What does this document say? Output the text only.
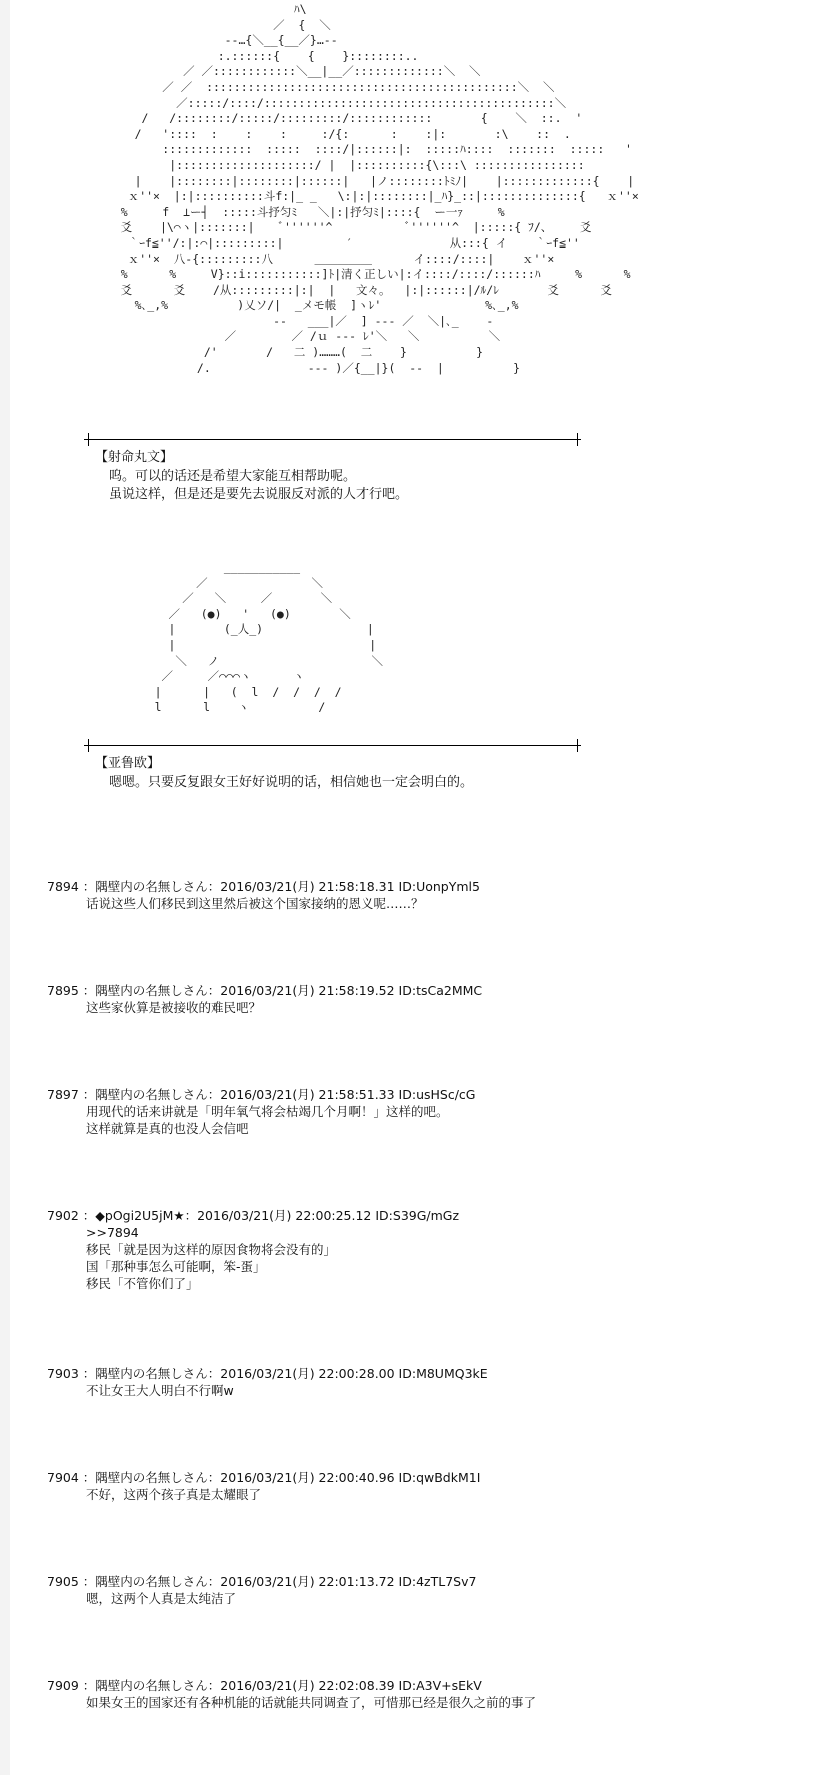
ﾊ\
／  {  ＼
-‐…{＼__{__／}…‐-
:.::::::{    {    }::::::::..
／ ／::::::::::::＼__|__／:::::::::::::＼  ＼
／ ／  :::::::::::::::::::::::::::::::::::::::::::::＼  ＼
／:::::/::::/::::::::::::::::::::::::::::::::::::::::::＼
/   /::::::::/:::::/:::::::::/::::::::::::       {    ＼  ::.  '
/   '::::  :    :    :     :/{:      :    :|:       :\    ::  .
:::::::::::::  :::::  ::::/|::::::|:  :::::ﾊ::::  :::::::  :::::   '
|::::::::::::::::::::/ |  |::::::::::{\:::\ ::::::::::::::::
|    |::::::::|::::::::|::::::|   |ノ::::::::ﾄﾐﾉ|    |:::::::::::::{    |
ｘ''×  |:|::::::::::斗f:|_ _   \:|:|::::::::|_ﾊ}_::|::::::::::::::{   ｘ''×
%     f  ⊥ー┤  :::::斗抒匀ﾐ   ＼|:|抒匀ﾐ|::::{  ー一ｧ     %
爻    |\⌒ヽ|:::::::|    ﾞ''''''^           ﾞ''''''^  |:::::{ ﾌ/、    爻
｀ｰf≦''/:|:⌒|:::::::::|         ′              从:::{ イ    ｀ｰf≦''
ｘ''×  八-{:::::::::八      ＿＿＿＿＿      イ::::/::::|    ｘ''×
%      %     V}::i:::::::::::]ﾄ|清く正しい|:イ::::/::::/::::::ﾊ     %      %
爻      爻    /从:::::::::|:|  |   文々。  |:|::::::|/ﾙ/ﾚ       爻      爻
%､_,%          )乂ソ/|  _メモ帳  ]ヽﾚ'               %､_,%
-‐   ___|／  ] ‐‐‐ ／  ＼|､_    -
／        ／ /ｕ ‐‐‐ ﾚ'＼   ＼          ＼
/'       /   二 )………(  二    }          }
/.              ‐‐‐ )／{__|}(  ‐‐  |          }
【射命丸文】
呜。可以的话还是希望大家能互相帮助呢。
虽说这样，但是还是要先去说服反对派的人才行吧。
___________
／               ＼
／   ＼     ／       ＼
／   (●)   '   (●)       ＼
|       (_人_)               |
|                            |
＼   ノ                      ＼
／     ／⌒⌒⌒ヽ      ヽ
|      |   (  l  /  /  /  /
l      l    ヽ          /
【亚鲁欧】
嗯嗯。只要反复跟女王好好说明的话，相信她也一定会明白的。
7894 ：隅壁内の名無しさん：2016/03/21(月) 21:58:18.31 ID:UonpYml5
话说这些人们移民到这里然后被这个国家接纳的恩义呢……？
7895 ：隅壁内の名無しさん：2016/03/21(月) 21:58:19.52 ID:tsCa2MMC
这些家伙算是被接收的难民吧？
7897 ：隅壁内の名無しさん：2016/03/21(月) 21:58:51.33 ID:usHSc/cG
用现代的话来讲就是「明年氧气将会枯竭几个月啊！」这样的吧。
这样就算是真的也没人会信吧
7902 ：◆pOgi2U5jM★：2016/03/21(月) 22:00:25.12 ID:S39G/mGz
>>7894
移民「就是因为这样的原因食物将会没有的」
国「那种事怎么可能啊，笨-蛋」
移民「不管你们了」
7903 ：隅壁内の名無しさん：2016/03/21(月) 22:00:28.00 ID:M8UMQ3kE
不让女王大人明白不行啊w
7904 ：隅壁内の名無しさん：2016/03/21(月) 22:00:40.96 ID:qwBdkM1I
不好，这两个孩子真是太耀眼了
7905 ：隅壁内の名無しさん：2016/03/21(月) 22:01:13.72 ID:4zTL7Sv7
嗯，这两个人真是太纯洁了
7909 ：隅壁内の名無しさん：2016/03/21(月) 22:02:08.39 ID:A3V+sEkV
如果女王的国家还有各种机能的话就能共同调查了，可惜那已经是很久之前的事了
